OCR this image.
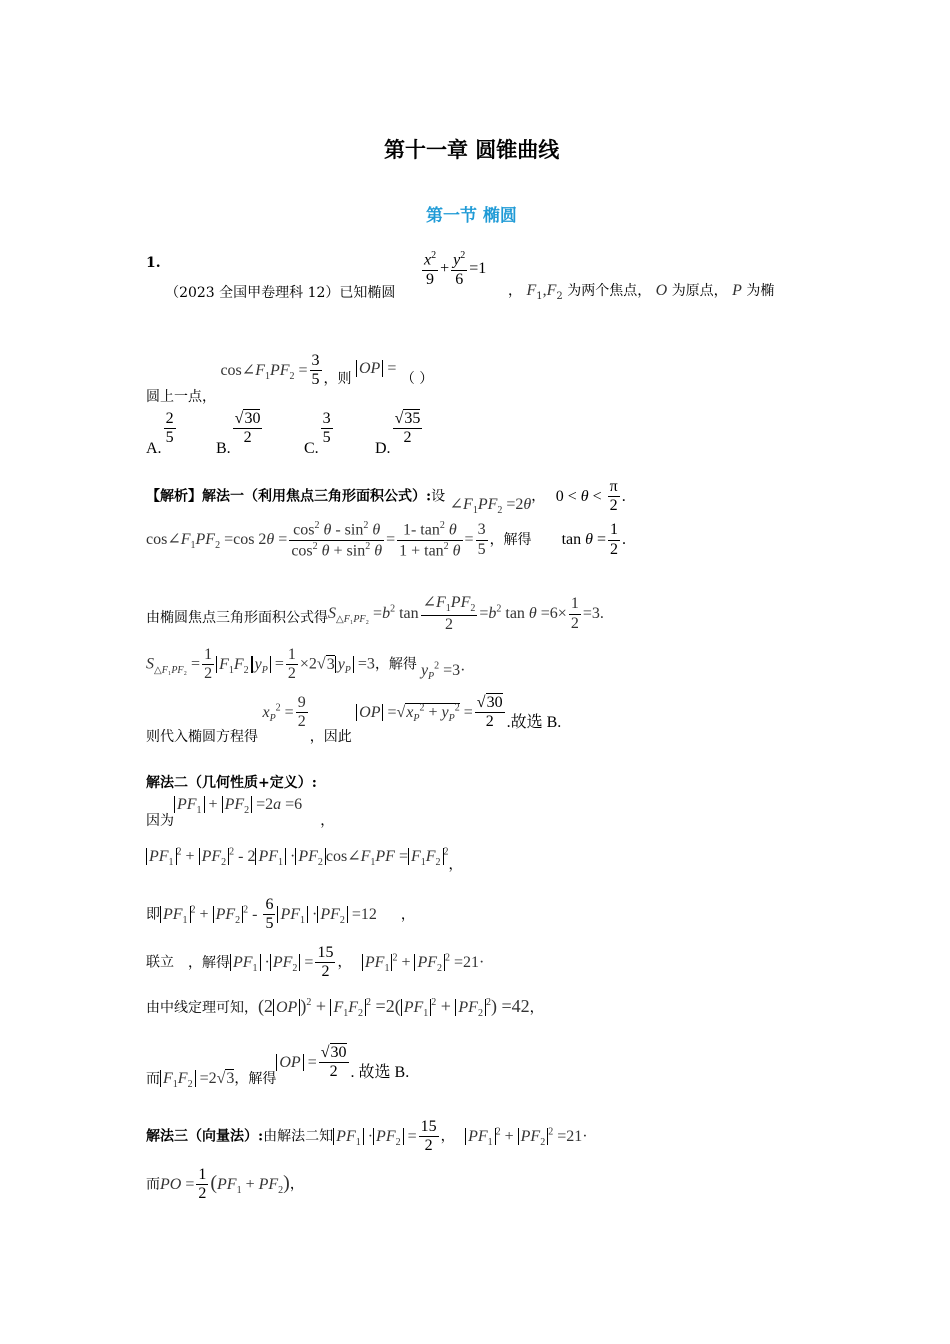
第十一章 圆锥曲线
第一节 椭圆
1. （2023 全国甲卷理科 12）已知椭圆
$\frac{x^2}{9} + \frac{y^2}{6} =1$
， $F_1,F_2$ 为两个焦点， O 为原点， P 为椭
圆上一点， $\cos\angle F_1PF_2 = \frac{3}{5}$ ，则 OP = （ ）
A.
$\frac{2}{5}$
B.
$\frac{√30}{2}$
C.
$\frac{3}{5}$
D.
$\frac{√35}{2}$
【解析】解法一（利用焦点三角形面积公式）:设 $\angle F_1PF_2 =2\theta$， $0 < \theta < \frac{\pi}{2}$ .
$\cos\angle F_1PF_2 =\cos$ $2\theta = \frac{\cos^2 \theta - \sin^2 \theta}{\cos^2 \theta + \sin^2 \theta} = \frac{1- \tan^2 \theta}{1 + \tan^2 \theta} = \frac{3}{5}$ ，解得 $\tan \theta = \frac{1}{2}$ .
由椭圆焦点三角形面积公式得$S_{\triangle F_1PF_2} =b^2$ $\tan \frac{\angle F_1PF_2}{2} =b^2$ $\tan \theta =6\times \frac{1}{2} =3$.
$S_{\triangle F_1PF_2} = \frac{1}{2} F_1F_2$ $y_P = \frac{1}{2} \times 2√3$ $y_P =3$，解得 $y_P^2 =3\cdot$
则代入椭圆方程得 $x_P^2 = \frac{9}{2}$
，因此 OP $=√x_P^2 + y_P^2 = \frac{√30}{2}$ .故选 B.
解法二（几何性质+定义）:
因为$PF_1 + PF_2 =2a =6$，
$PF_1^2 + PF_2^2 - 2$ $PF_1 \cdot PF_2$ $\cos\angle F_1PF = F_1F_2^2$，
即 $PF_1^2 + PF_2^2 - \frac{6}{5} PF_1 \cdot PF_2 =12$ ，
联立 ，解得 $PF_1 \cdot PF_2 = \frac{15}{2}$ ， $PF_1^2 + PF_2^2 =21\cdot$
由中线定理可知，(2 OP )$^2 + F_1F_2^2 =2$( $PF_1^2 + PF_2^2) =42$，
而 $F_1F_2 =2√3$，解得OP = $\frac{√30}{2}$ . 故选 B.
解法三（向量法）:由解法二知 $PF_1 \cdot PF_2 = \frac{15}{2}$ ， $PF_1^2 + PF_2^2 =21\cdot$
而PO = $\frac{1}{2} (PF_1 + PF_2)$，
